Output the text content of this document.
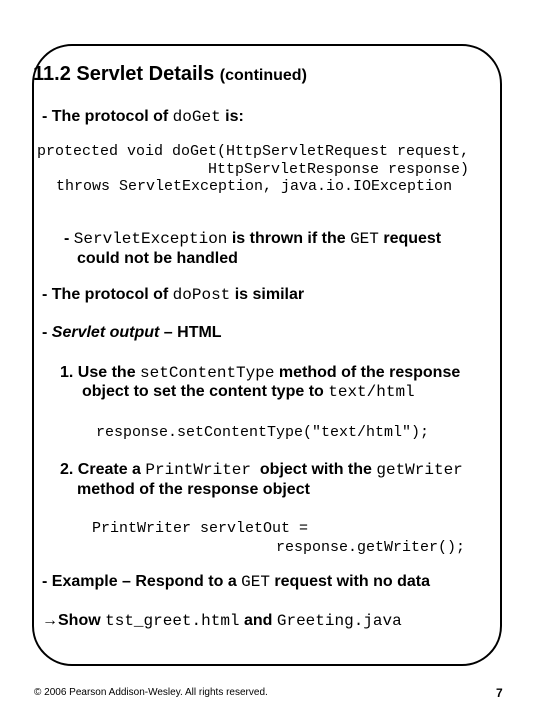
11.2 Servlet Details (continued)
- The protocol of doGet is:
protected void doGet(HttpServletRequest request,
HttpServletResponse response)
throws ServletException, java.io.IOException
- ServletException is thrown if the GET request
could not be handled
- The protocol of doPost is similar
- Servlet output – HTML
1. Use the setContentType method of the response
object to set the content type to text/html
response.setContentType("text/html");
2. Create a PrintWriter  object with the getWriter
method of the response object
PrintWriter servletOut =
response.getWriter();
- Example – Respond to a GET request with no data
→Show tst_greet.html and Greeting.java
© 2006 Pearson Addison-Wesley. All rights reserved.	7
